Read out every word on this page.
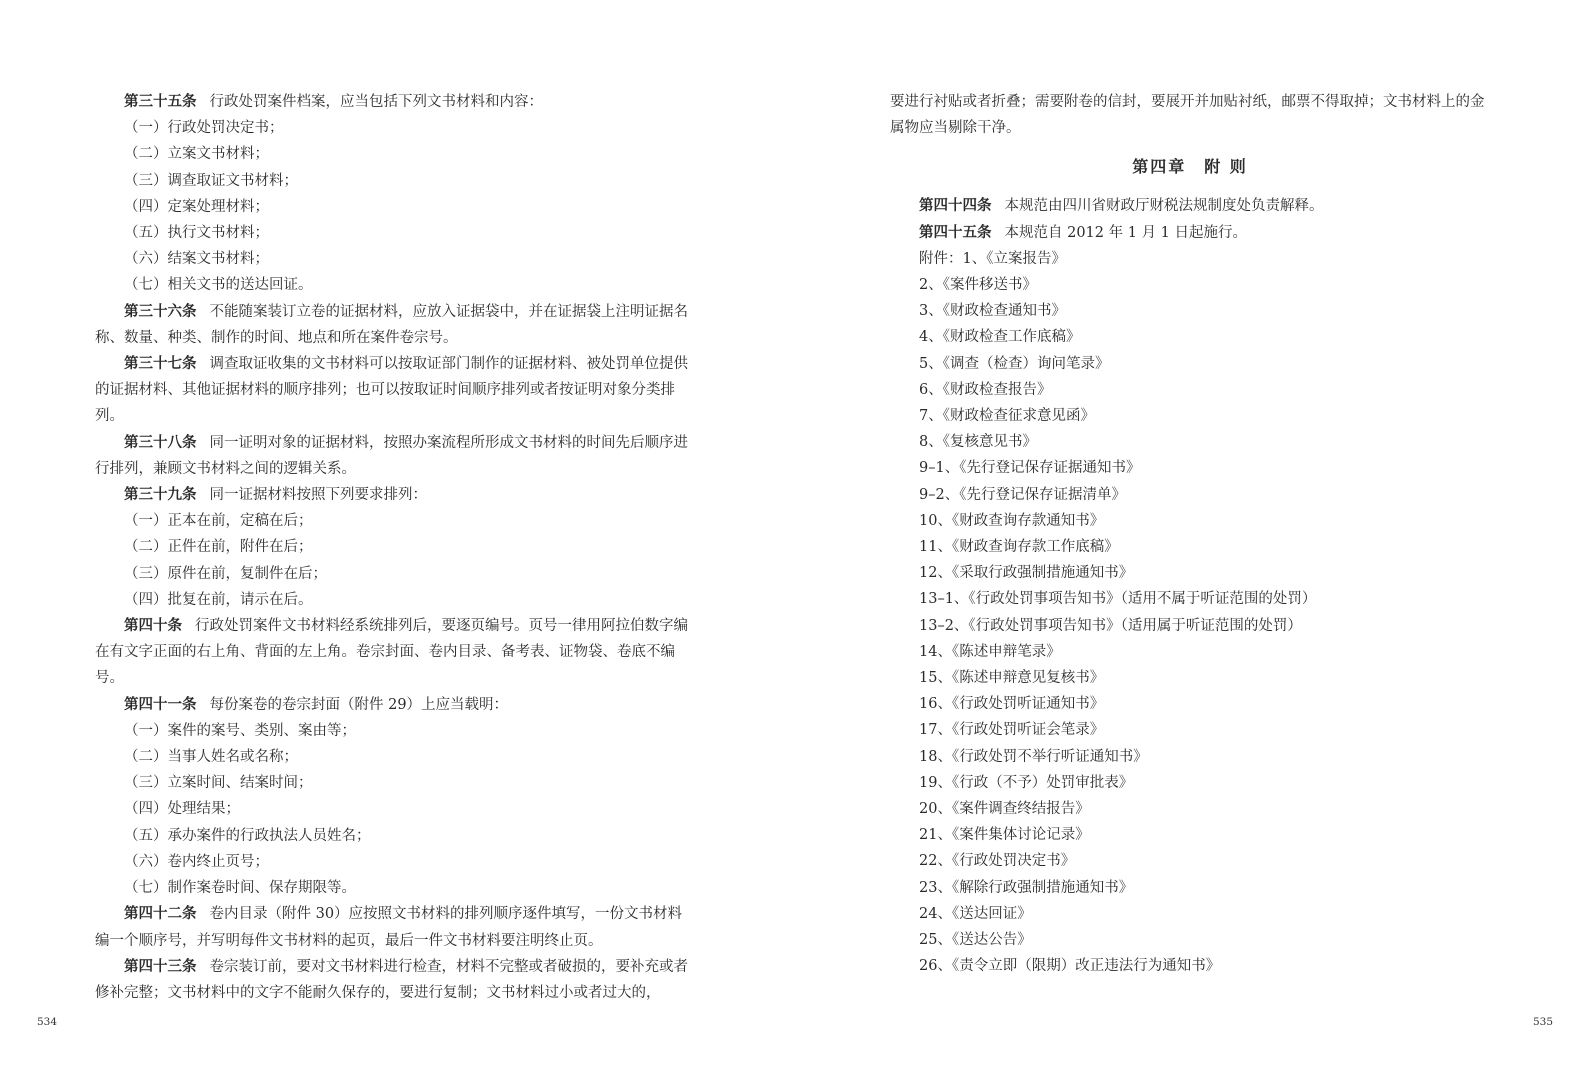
第三十五条 行政处罚案件档案，应当包括下列文书材料和内容：

（一）行政处罚决定书；

（二）立案文书材料；

（三）调查取证文书材料；

（四）定案处理材料；

（五）执行文书材料；

（六）结案文书材料；

（七）相关文书的送达回证。

第三十六条 不能随案装订立卷的证据材料，应放入证据袋中，并在证据袋上注明证据名称、数量、种类、制作的时间、地点和所在案件卷宗号。

第三十七条 调查取证收集的文书材料可以按取证部门制作的证据材料、被处罚单位提供的证据材料、其他证据材料的顺序排列；也可以按取证时间顺序排列或者按证明对象分类排列。

第三十八条 同一证明对象的证据材料，按照办案流程所形成文书材料的时间先后顺序进行排列，兼顾文书材料之间的逻辑关系。

第三十九条 同一证据材料按照下列要求排列：

（一）正本在前，定稿在后；

（二）正件在前，附件在后；

（三）原件在前，复制件在后；

（四）批复在前，请示在后。

第四十条 行政处罚案件文书材料经系统排列后，要逐页编号。页号一律用阿拉伯数字编在有文字正面的右上角、背面的左上角。卷宗封面、卷内目录、备考表、证物袋、卷底不编号。

第四十一条 每份案卷的卷宗封面（附件 29）上应当载明：

（一）案件的案号、类别、案由等；

（二）当事人姓名或名称；

（三）立案时间、结案时间；

（四）处理结果；

（五）承办案件的行政执法人员姓名；

（六）卷内终止页号；

（七）制作案卷时间、保存期限等。

第四十二条 卷内目录（附件 30）应按照文书材料的排列顺序逐件填写，一份文书材料编一个顺序号，并写明每件文书材料的起页，最后一件文书材料要注明终止页。

第四十三条 卷宗装订前，要对文书材料进行检查，材料不完整或者破损的，要补充或者修补完整；文书材料中的文字不能耐久保存的，要进行复制；文书材料过小或者过大的，

534

要进行衬贴或者折叠；需要附卷的信封，要展开并加贴衬纸，邮票不得取掉；文书材料上的金属物应当剔除干净。

第四章　附 则

第四十四条 本规范由四川省财政厅财税法规制度处负责解释。

第四十五条 本规范自 2012 年 1 月 1 日起施行。

附件：1、《立案报告》

2、《案件移送书》

3、《财政检查通知书》

4、《财政检查工作底稿》

5、《调查（检查）询问笔录》

6、《财政检查报告》

7、《财政检查征求意见函》

8、《复核意见书》

9–1、《先行登记保存证据通知书》

9–2、《先行登记保存证据清单》

10、《财政查询存款通知书》

11、《财政查询存款工作底稿》

12、《采取行政强制措施通知书》

13–1、《行政处罚事项告知书》（适用不属于听证范围的处罚）

13–2、《行政处罚事项告知书》（适用属于听证范围的处罚）

14、《陈述申辩笔录》

15、《陈述申辩意见复核书》

16、《行政处罚听证通知书》

17、《行政处罚听证会笔录》

18、《行政处罚不举行听证通知书》

19、《行政（不予）处罚审批表》

20、《案件调查终结报告》

21、《案件集体讨论记录》

22、《行政处罚决定书》

23、《解除行政强制措施通知书》

24、《送达回证》

25、《送达公告》

26、《责令立即（限期）改正违法行为通知书》

535
